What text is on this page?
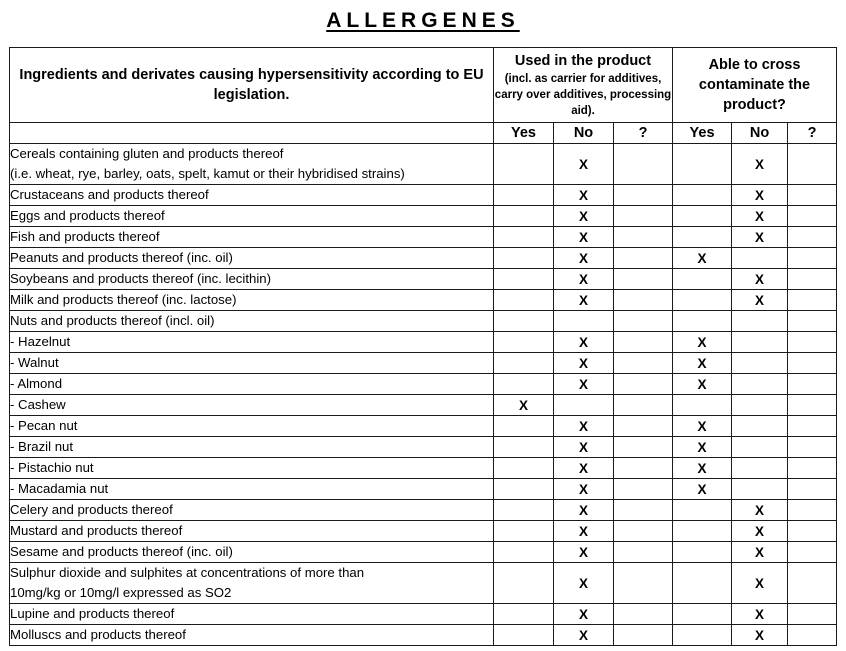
ALLERGENES
Ingredients and derivates causing hypersensitivity according to EU legislation.	Used in the product
(incl. as carrier for additives, carry over additives, processing aid).			Able to cross contaminate the product?		

	Yes	No	?	Yes	No	?

Cereals containing gluten and products thereof
(i.e. wheat, rye, barley, oats, spelt, kamut or their hybridised strains)		X			X	

Crustaceans and products thereof		X			X	

Eggs and products thereof		X			X	

Fish and products thereof		X			X	

Peanuts and products thereof (inc. oil)		X		X		

Soybeans and products thereof (inc. lecithin)		X			X	

Milk and products thereof (inc. lactose)		X			X	

Nuts and products thereof (incl. oil)						

- Hazelnut		X		X		

- Walnut		X		X		

- Almond		X		X		

- Cashew	X					

- Pecan nut		X		X		

- Brazil nut		X		X		

- Pistachio nut		X		X		

- Macadamia nut		X		X		

Celery and products thereof		X			X	

Mustard and products thereof		X			X	

Sesame and products thereof (inc. oil)		X			X	

Sulphur dioxide and sulphites at concentrations of more than
10mg/kg or 10mg/l expressed as SO2		X			X	

Lupine and products thereof		X			X	

Molluscs and products thereof		X			X	
